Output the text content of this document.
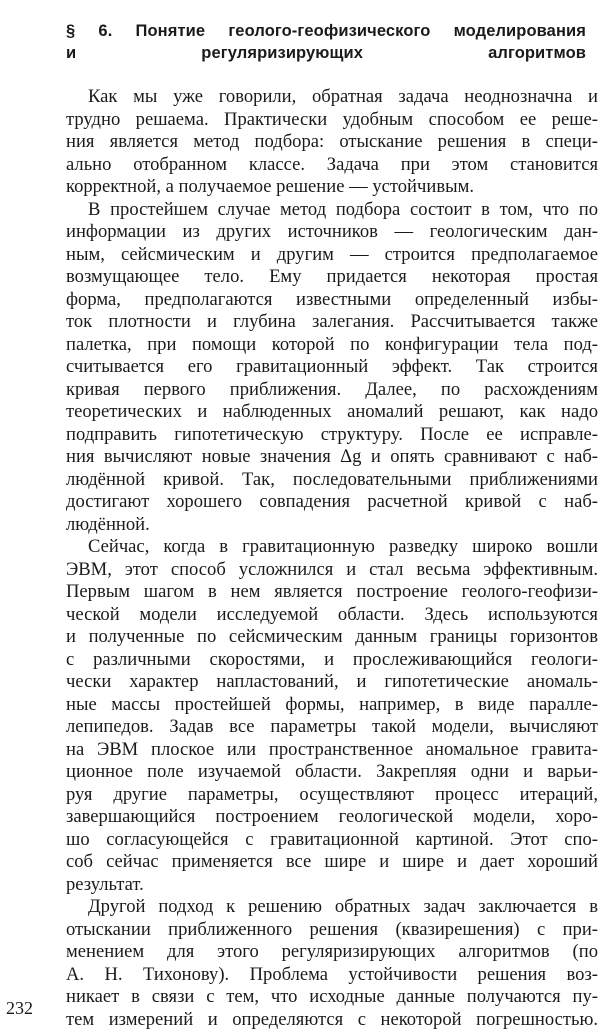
§ 6. Понятие геолого-геофизического моделирования
и регуляризирующих алгоритмов
Как мы уже говорили, обратная задача неоднозначна и
трудно решаема. Практически удобным способом ее реше-
ния является метод подбора: отыскание решения в специ-
ально отобранном классе. Задача при этом становится
корректной, а получаемое решение — устойчивым.
В простейшем случае метод подбора состоит в том, что по
информации из других источников — геологическим дан-
ным, сейсмическим и другим — строится предполагаемое
возмущающее тело. Ему придается некоторая простая
форма, предполагаются известными определенный избы-
ток плотности и глубина залегания. Рассчитывается также
палетка, при помощи которой по конфигурации тела под-
считывается его гравитационный эффект. Так строится
кривая первого приближения. Далее, по расхождениям
теоретических и наблюденных аномалий решают, как надо
подправить гипотетическую структуру. После ее исправле-
ния вычисляют новые значения Δg и опять сравнивают с наб-
людённой кривой. Так, последовательными приближениями
достигают хорошего совпадения расчетной кривой с наб-
людённой.
Сейчас, когда в гравитационную разведку широко вошли
ЭВМ, этот способ усложнился и стал весьма эффективным.
Первым шагом в нем является построение геолого-геофизи-
ческой модели исследуемой области. Здесь используются
и полученные по сейсмическим данным границы горизонтов
с различными скоростями, и прослеживающийся геологи-
чески характер напластований, и гипотетические аномаль-
ные массы простейшей формы, например, в виде паралле-
лепипедов. Задав все параметры такой модели, вычисляют
на ЭВМ плоское или пространственное аномальное гравита-
ционное поле изучаемой области. Закрепляя одни и варьи-
руя другие параметры, осуществляют процесс итераций,
завершающийся построением геологической модели, хоро-
шо согласующейся с гравитационной картиной. Этот спо-
соб сейчас применяется все шире и шире и дает хороший
результат.
Другой подход к решению обратных задач заключается в
отыскании приближенного решения (квазирешения) с при-
менением для этого регуляризирующих алгоритмов (по
А. Н. Тихонову). Проблема устойчивости решения воз-
никает в связи с тем, что исходные данные получаются пу-
тем измерений и определяются с некоторой погрешностью.
232
